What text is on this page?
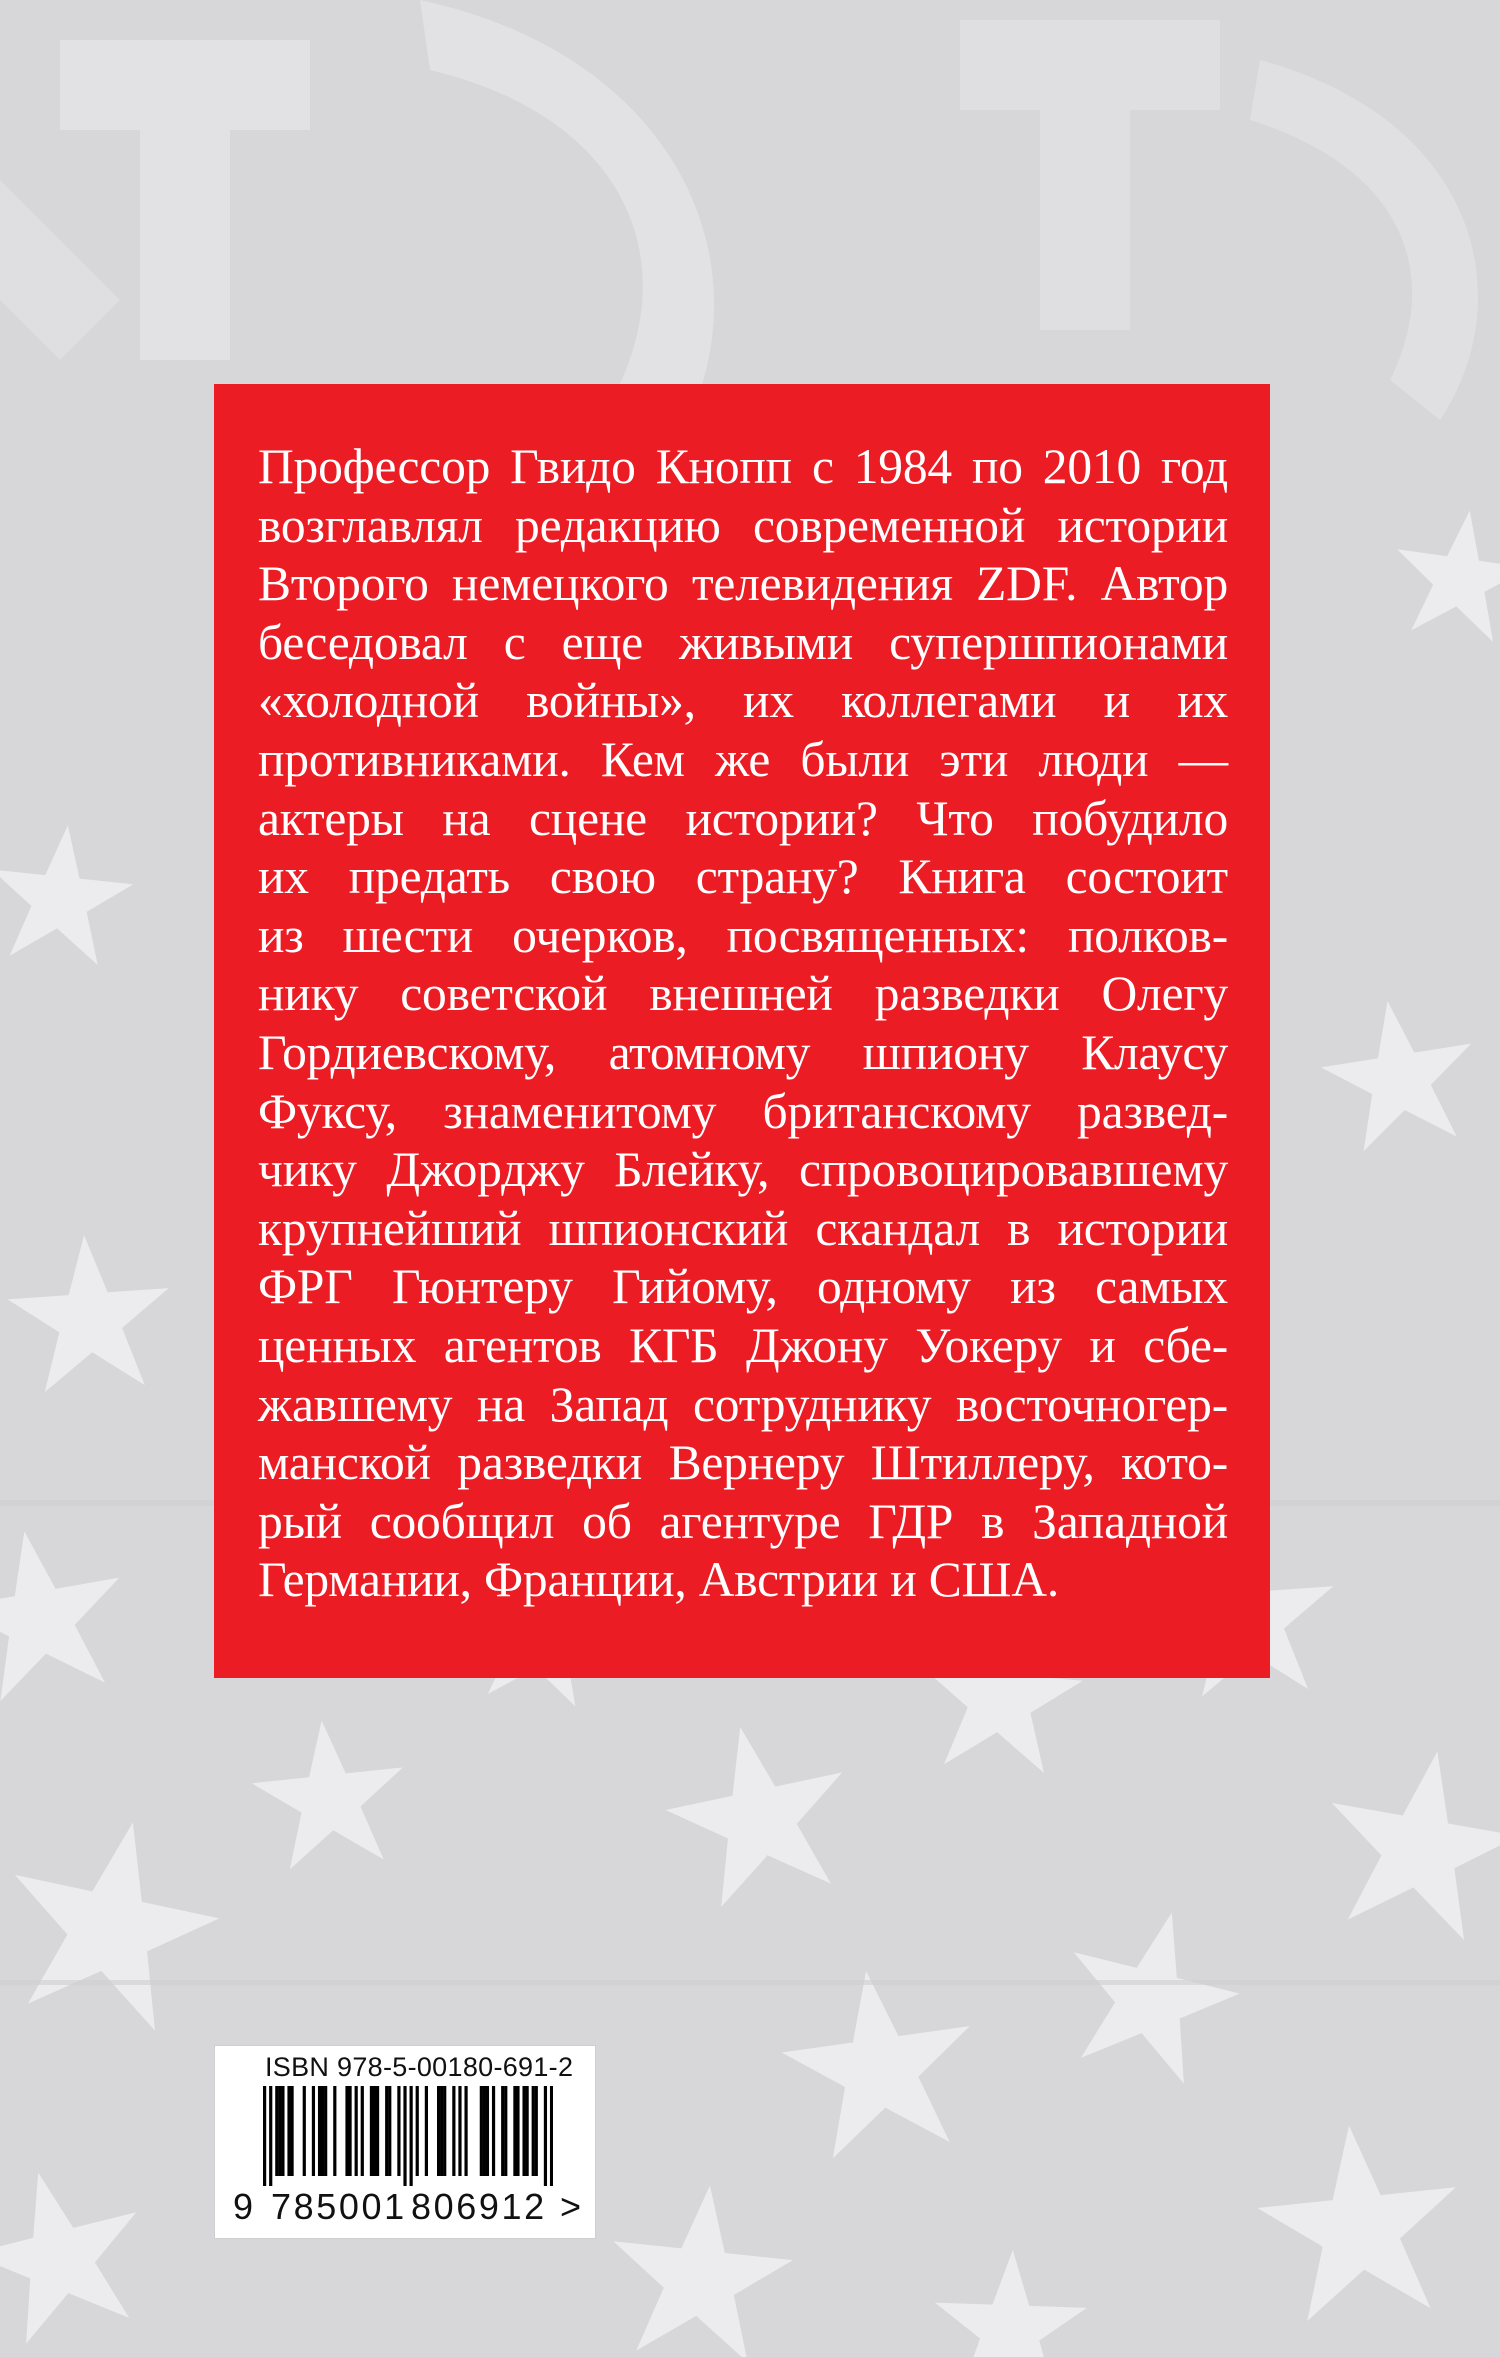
Профессор Гвидо Кнопп с 1984 по 2010 год
возглавлял редакцию современной истории
Второго немецкого телевидения ZDF. Автор
беседовал с еще живыми супершпионами
«холодной войны», их коллегами и их
противниками. Кем же были эти люди —
актеры на сцене истории? Что побудило
их предать свою страну? Книга состоит
из шести очерков, посвященных: полков-
нику советской внешней разведки Олегу
Гордиевскому, атомному шпиону Клаусу
Фуксу, знаменитому британскому развед-
чику Джорджу Блейку, спровоцировавшему
крупнейший шпионский скандал в истории
ФРГ Гюнтеру Гийому, одному из самых
ценных агентов КГБ Джону Уокеру и сбе-
жавшему на Запад сотруднику восточногер-
манской разведки Вернеру Штиллеру, кото-
рый сообщил об агентуре ГДР в Западной
Германии, Франции, Австрии и США.

ISBN 978-5-00180-691-2
9 785001 806912 >
